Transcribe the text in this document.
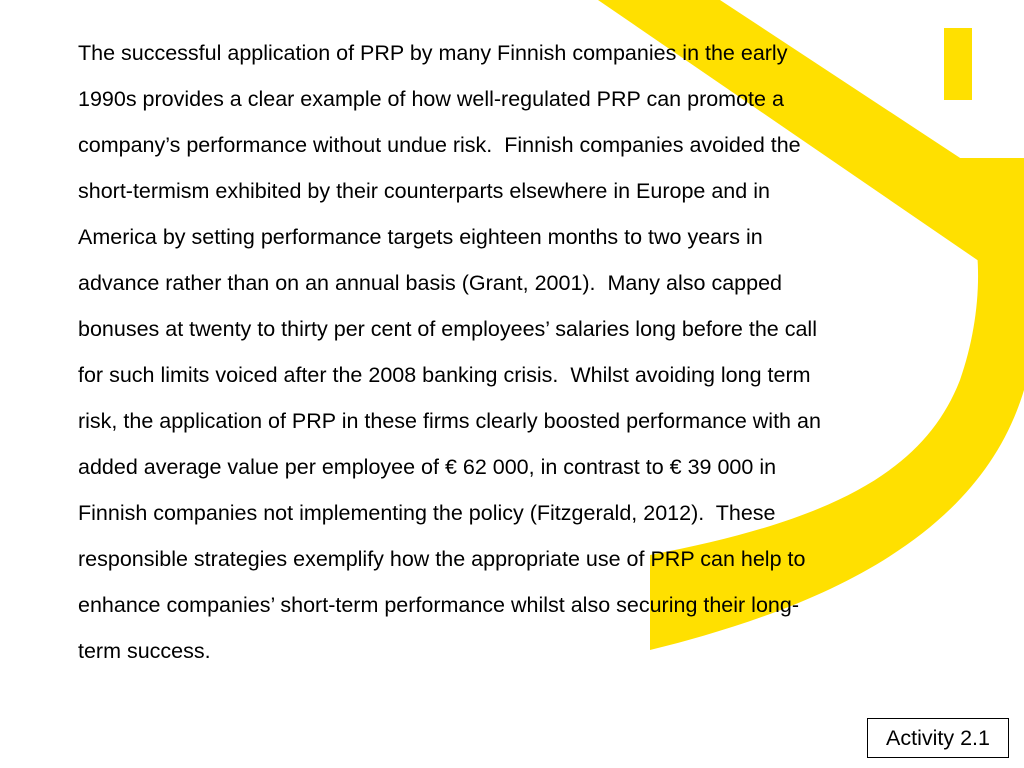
The successful application of PRP by many Finnish companies in the early
1990s provides a clear example of how well-regulated PRP can promote a
company’s performance without undue risk.  Finnish companies avoided the
short-termism exhibited by their counterparts elsewhere in Europe and in
America by setting performance targets eighteen months to two years in
advance rather than on an annual basis (Grant, 2001).  Many also capped
bonuses at twenty to thirty per cent of employees’ salaries long before the call
for such limits voiced after the 2008 banking crisis.  Whilst avoiding long term
risk, the application of PRP in these firms clearly boosted performance with an
added average value per employee of € 62 000, in contrast to € 39 000 in
Finnish companies not implementing the policy (Fitzgerald, 2012).  These
responsible strategies exemplify how the appropriate use of PRP can help to
enhance companies’ short-term performance whilst also securing their long-
term success.
Activity 2.1
